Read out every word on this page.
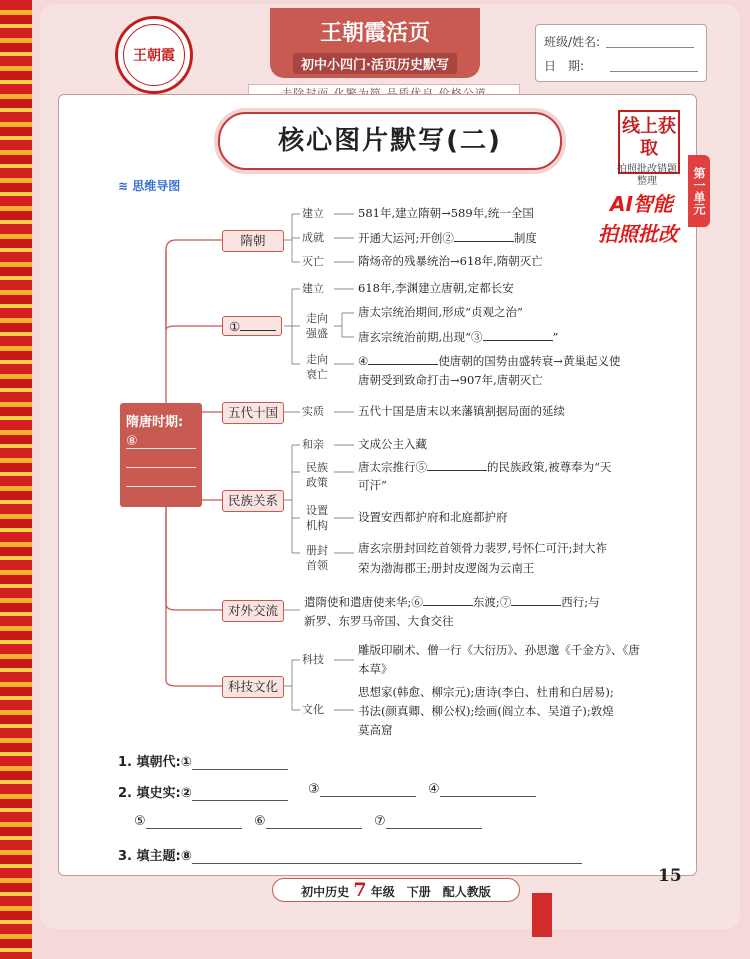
王朝霞
王朝霞活页
初中小四门·活页历史默写
班级/姓名:
日　期:
核心图片默写(二)	线上获取
拍照批改错题整理
AI智能
拍照批改
第一单元
≋ 思维导图
隋唐时期:
⑧
隋朝
建立	581年,建立隋朝→589年,统一全国
成就	开通大运河;开创②	制度
灭亡	隋炀帝的残暴统治→618年,隋朝灭亡
①
建立	618年,李渊建立唐朝,定都长安
走向强盛
唐太宗统治期间,形成“贞观之治”
唐玄宗统治前期,出现“③	”
走向衰亡
④	使唐朝的国势由盛转衰→黄巢起义使
唐朝受到致命打击→907年,唐朝灭亡
五代十国	实质	五代十国是唐末以来藩镇割据局面的延续
民族关系
和亲	文成公主入藏
民族政策
唐太宗推行⑤	的民族政策,被尊奉为“天
可汗”
设置机构
设置安西都护府和北庭都护府
册封首领
唐玄宗册封回纥首领骨力裴罗,号怀仁可汗;封大祚
荣为渤海郡王;册封皮逻阁为云南王
对外交流
遣隋使和遣唐使来华;⑥	东渡;⑦	西行;与
新罗、东罗马帝国、大食交往
科技文化
科技
雕版印刷术、僧一行《大衍历》、孙思邈《千金方》、《唐
本草》
文化
思想家(韩愈、柳宗元);唐诗(李白、杜甫和白居易);
书法(颜真卿、柳公权);绘画(阎立本、吴道子);敦煌
莫高窟
1. 填朝代:①
2. 填史实:②	③	④
⑤	⑥	⑦
3. 填主题:⑧
15
初中历史 7 年级　下册　配人教版
